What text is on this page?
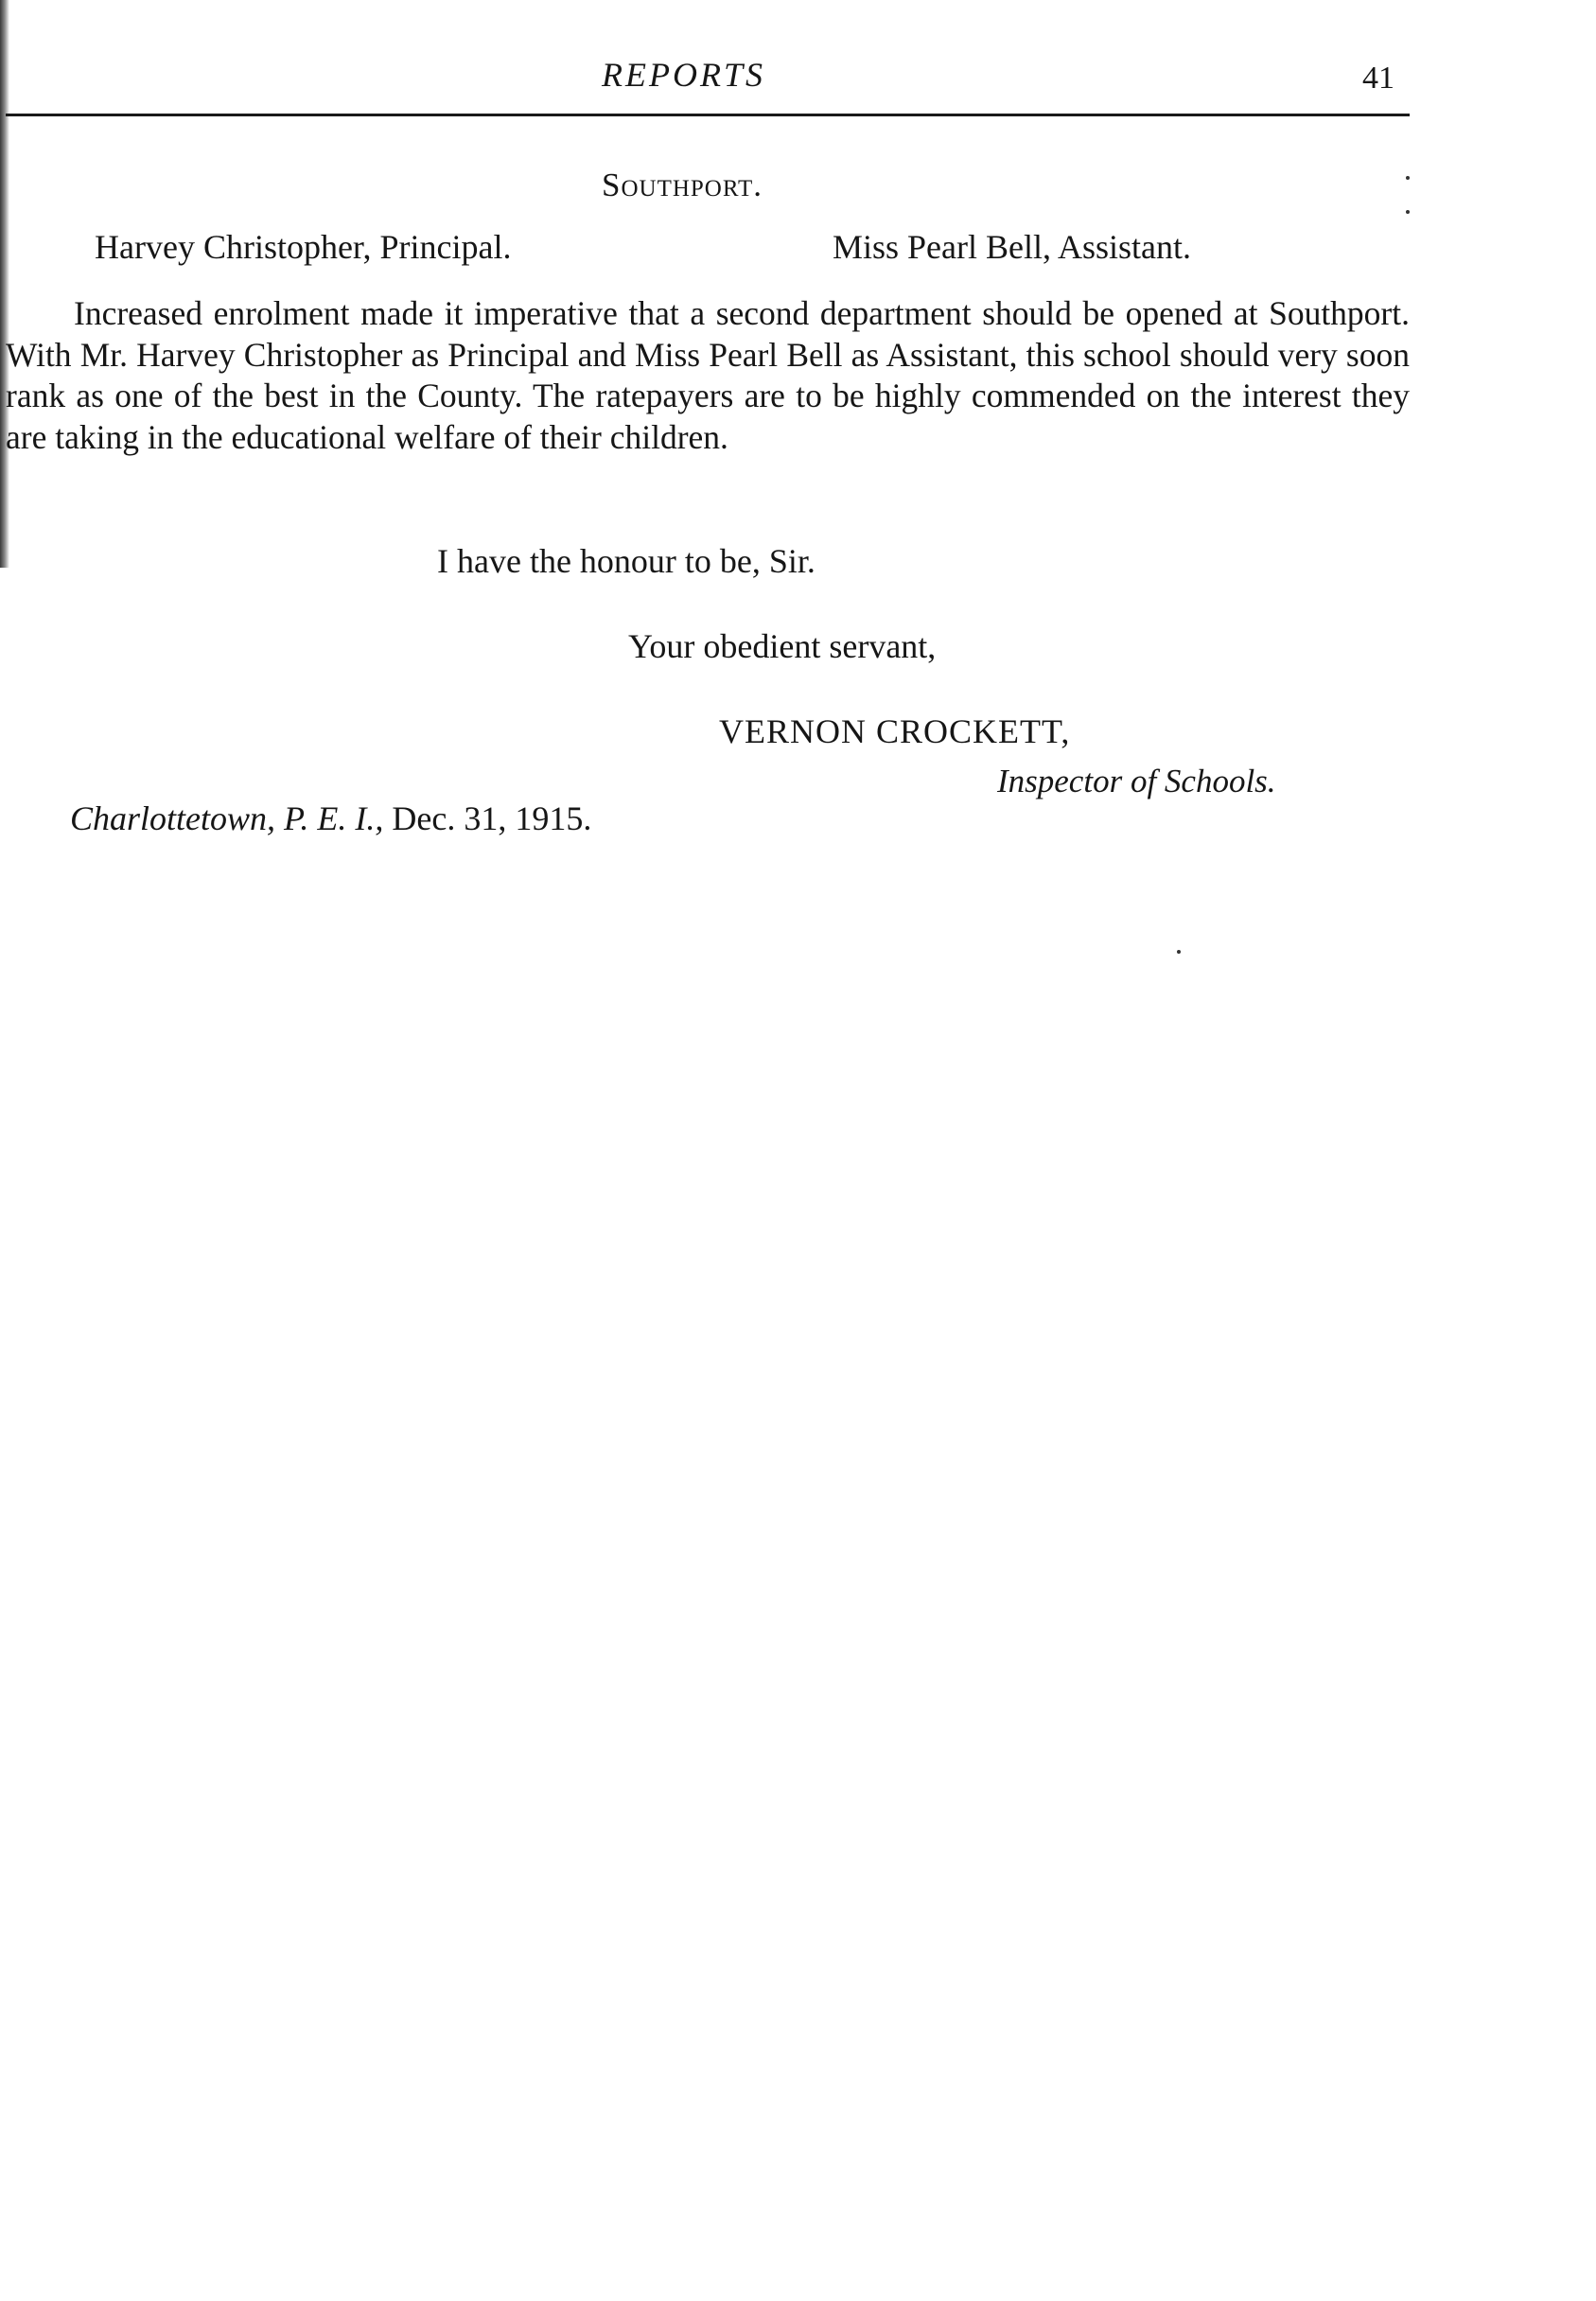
REPORTS	41
Southport.
Harvey Christopher, Principal.	Miss Pearl Bell, Assistant.

Increased enrolment made it imperative that a second department should be opened at Southport. With Mr. Harvey Christopher as Principal and Miss Pearl Bell as Assistant, this school should very soon rank as one of the best in the County. The ratepayers are to be highly commended on the interest they are taking in the educational welfare of their children.

I have the honour to be, Sir.
Your obedient servant,
VERNON CROCKETT,
Inspector of Schools.
Charlottetown, P. E. I., Dec. 31, 1915.
